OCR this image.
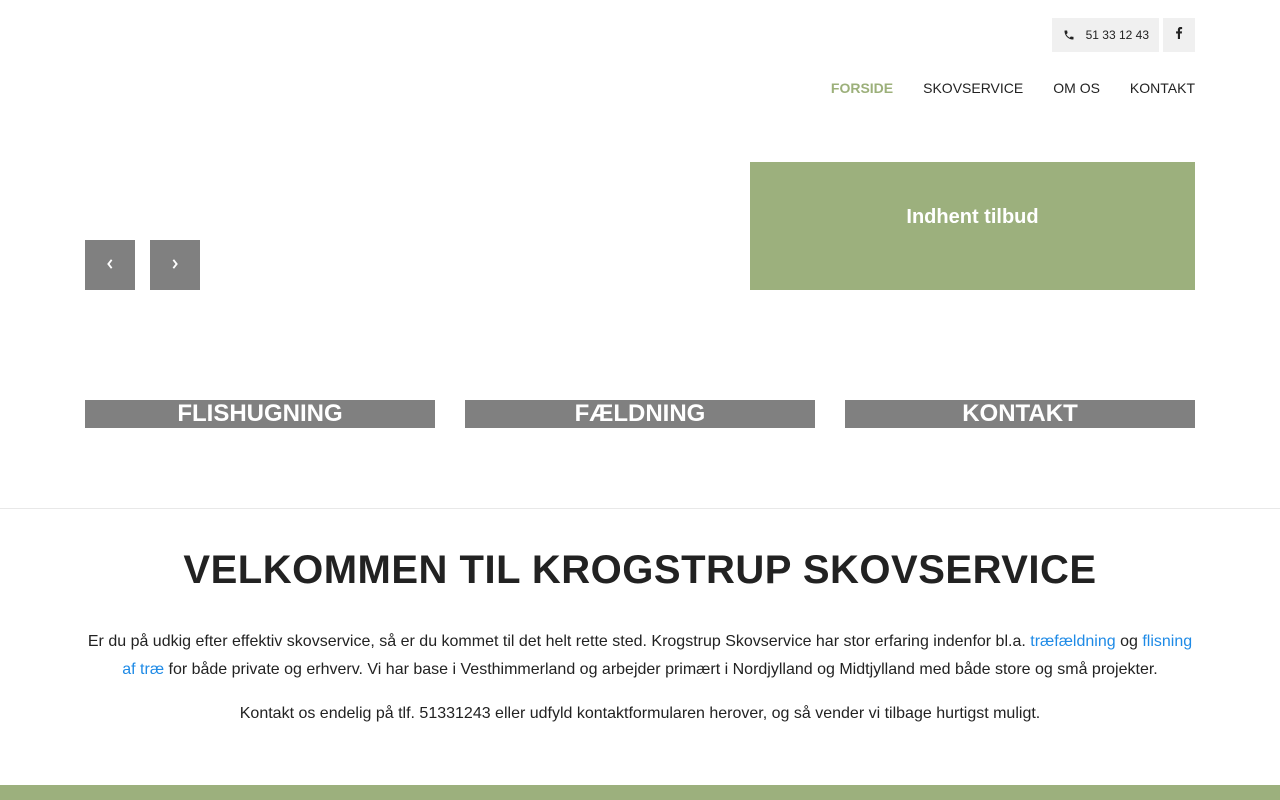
51 33 12 43
FORSIDE SKOVSERVICE OM OS KONTAKT
Indhent tilbud
FLISHUGNING	FÆLDNING	KONTAKT
VELKOMMEN TIL KROGSTRUP SKOVSERVICE

Er du på udkig efter effektiv skovservice, så er du kommet til det helt rette sted. Krogstrup Skovservice har stor erfaring indenfor bl.a. træfældning og flisning af træ for både private og erhverv. Vi har base i Vesthimmerland og arbejder primært i Nordjylland og Midtjylland med både store og små projekter.

Kontakt os endelig på tlf. 51331243 eller udfyld kontaktformularen herover, og så vender vi tilbage hurtigst muligt.
